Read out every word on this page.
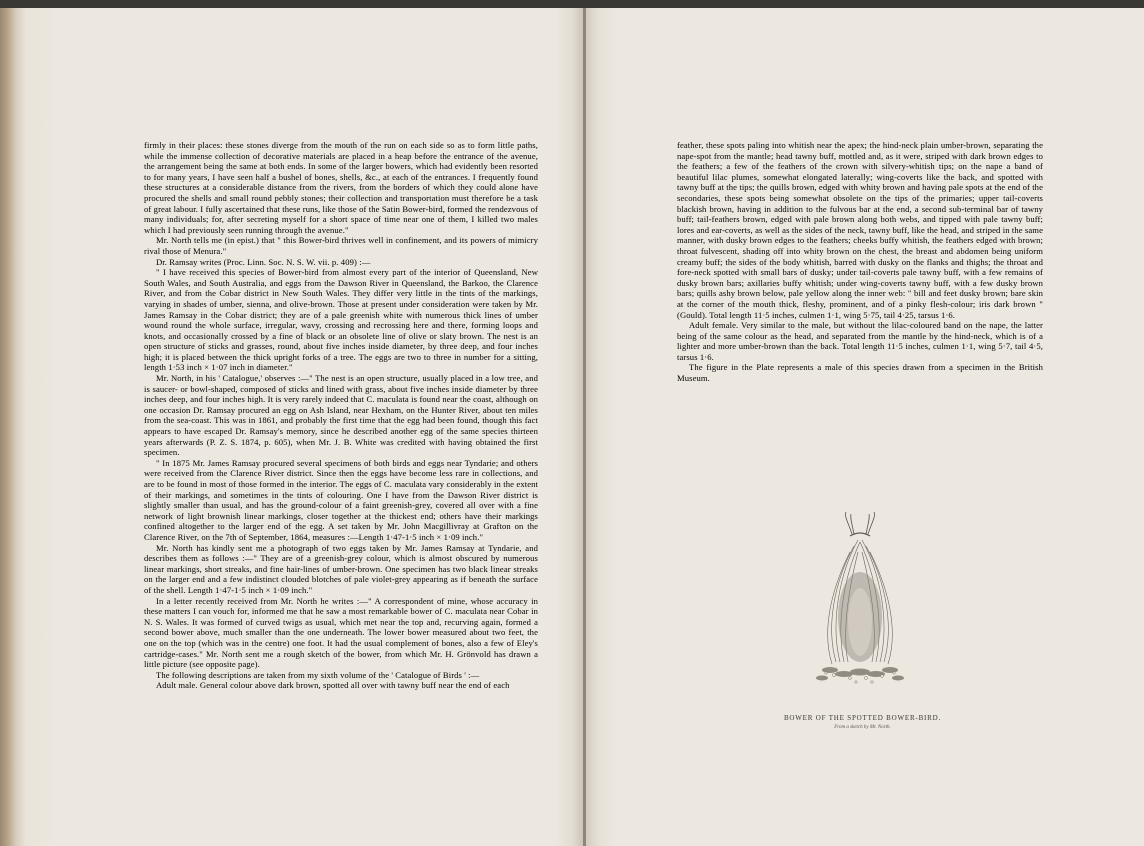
firmly in their places: these stones diverge from the mouth of the run on each side so as to form little paths, while the immense collection of decorative materials are placed in a heap before the entrance of the avenue, the arrangement being the same at both ends. In some of the larger bowers, which had evidently been resorted to for many years, I have seen half a bushel of bones, shells, &c., at each of the entrances. I frequently found these structures at a considerable distance from the rivers, from the borders of which they could alone have procured the shells and small round pebbly stones; their collection and transportation must therefore be a task of great labour. I fully ascertained that these runs, like those of the Satin Bower-bird, formed the rendezvous of many individuals; for, after secreting myself for a short space of time near one of them, I killed two males which I had previously seen running through the avenue."

Mr. North tells me (in epist.) that " this Bower-bird thrives well in confinement, and its powers of mimicry rival those of Menura."

Dr. Ramsay writes (Proc. Linn. Soc. N. S. W. vii. p. 409) :—

" I have received this species of Bower-bird from almost every part of the interior of Queensland, New South Wales, and South Australia, and eggs from the Dawson River in Queensland, the Barkoo, the Clarence River, and from the Cobar district in New South Wales. They differ very little in the tints of the markings, varying in shades of umber, sienna, and olive-brown. Those at present under consideration were taken by Mr. James Ramsay in the Cobar district; they are of a pale greenish white with numerous thick lines of umber wound round the whole surface, irregular, wavy, crossing and recrossing here and there, forming loops and knots, and occasionally crossed by a fine of black or an obsolete line of olive or slaty brown. The nest is an open structure of sticks and grasses, round, about five inches inside diameter, by three deep, and four inches high; it is placed between the thick upright forks of a tree. The eggs are two to three in number for a sitting, length 1·53 inch × 1·07 inch in diameter."

Mr. North, in his ' Catalogue,' observes :—" The nest is an open structure, usually placed in a low tree, and is saucer- or bowl-shaped, composed of sticks and lined with grass, about five inches inside diameter by three inches deep, and four inches high. It is very rarely indeed that C. maculata is found near the coast, although on one occasion Dr. Ramsay procured an egg on Ash Island, near Hexham, on the Hunter River, about ten miles from the sea-coast. This was in 1861, and probably the first time that the egg had been found, though this fact appears to have escaped Dr. Ramsay's memory, since he described another egg of the same species thirteen years afterwards (P. Z. S. 1874, p. 605), when Mr. J. B. White was credited with having obtained the first specimen.

" In 1875 Mr. James Ramsay procured several specimens of both birds and eggs near Tyndarie; and others were received from the Clarence River district. Since then the eggs have become less rare in collections, and are to be found in most of those formed in the interior. The eggs of C. maculata vary considerably in the extent of their markings, and sometimes in the tints of colouring. One I have from the Dawson River district is slightly smaller than usual, and has the ground-colour of a faint greenish-grey, covered all over with a fine network of light brownish linear markings, closer together at the thickest end; others have their markings confined altogether to the larger end of the egg. A set taken by Mr. John Macgillivray at Grafton on the Clarence River, on the 7th of September, 1864, measures :—Length 1·47-1·5 inch × 1·09 inch."

Mr. North has kindly sent me a photograph of two eggs taken by Mr. James Ramsay at Tyndarie, and describes them as follows :—" They are of a greenish-grey colour, which is almost obscured by numerous linear markings, short streaks, and fine hair-lines of umber-brown. One specimen has two black linear streaks on the larger end and a few indistinct clouded blotches of pale violet-grey appearing as if beneath the surface of the shell. Length 1·47-1·5 inch × 1·09 inch."

In a letter recently received from Mr. North he writes :—" A correspondent of mine, whose accuracy in these matters I can vouch for, informed me that he saw a most remarkable bower of C. maculata near Cobar in N. S. Wales. It was formed of curved twigs as usual, which met near the top and, recurving again, formed a second bower above, much smaller than the one underneath. The lower bower measured about two feet, the one on the top (which was in the centre) one foot. It had the usual complement of bones, also a few of Eley's cartridge-cases." Mr. North sent me a rough sketch of the bower, from which Mr. H. Grönvold has drawn a little picture (see opposite page).

The following descriptions are taken from my sixth volume of the ' Catalogue of Birds ' :—

Adult male. General colour above dark brown, spotted all over with tawny buff near the end of each

feather, these spots paling into whitish near the apex; the hind-neck plain umber-brown, separating the nape-spot from the mantle; head tawny buff, mottled and, as it were, striped with dark brown edges to the feathers; a few of the feathers of the crown with silvery-whitish tips; on the nape a band of beautiful lilac plumes, somewhat elongated laterally; wing-coverts like the back, and spotted with tawny buff at the tips; the quills brown, edged with whity brown and having pale spots at the end of the secondaries, these spots being somewhat obsolete on the tips of the primaries; upper tail-coverts blackish brown, having in addition to the fulvous bar at the end, a second sub-terminal bar of tawny buff; tail-feathers brown, edged with pale brown along both webs, and tipped with pale tawny buff; lores and ear-coverts, as well as the sides of the neck, tawny buff, like the head, and striped in the same manner, with dusky brown edges to the feathers; cheeks buffy whitish, the feathers edged with brown; throat fulvescent, shading off into whity brown on the chest, the breast and abdomen being uniform creamy buff; the sides of the body whitish, barred with dusky on the flanks and thighs; the throat and fore-neck spotted with small bars of dusky; under tail-coverts pale tawny buff, with a few remains of dusky brown bars; axillaries buffy whitish; under wing-coverts tawny buff, with a few dusky brown bars; quills ashy brown below, pale yellow along the inner web: " bill and feet dusky brown; bare skin at the corner of the mouth thick, fleshy, prominent, and of a pinky flesh-colour; iris dark brown " (Gould). Total length 11·5 inches, culmen 1·1, wing 5·75, tail 4·25, tarsus 1·6.

Adult female. Very similar to the male, but without the lilac-coloured band on the nape, the latter being of the same colour as the head, and separated from the mantle by the hind-neck, which is of a lighter and more umber-brown than the back. Total length 11·5 inches, culmen 1·1, wing 5·7, tail 4·5, tarsus 1·6.

The figure in the Plate represents a male of this species drawn from a specimen in the British Museum.

BOWER OF THE SPOTTED BOWER-BIRD.
From a sketch by Mr. North.
